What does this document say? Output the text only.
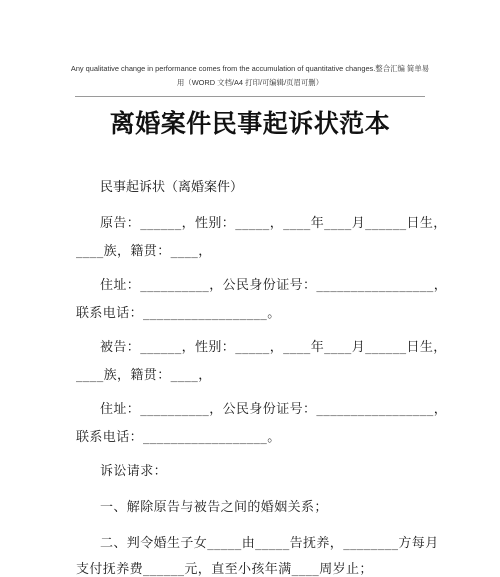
Any qualitative change in performance comes from the accumulation of quantitative changes.整合汇编 简单易
用（WORD 文档/A4 打印/可编辑/页眉可删）
离婚案件民事起诉状范本
民事起诉状（离婚案件）
原告：______，性别：_____，____年____月______日生，
____族，籍贯：____，
住址：__________，公民身份证号：_________________，
联系电话：__________________。
被告：______，性别：_____，____年____月______日生，
____族，籍贯：____，
住址：__________，公民身份证号：_________________，
联系电话：__________________。
诉讼请求：
一、解除原告与被告之间的婚姻关系；
二、判令婚生子女_____由_____告抚养，________方每月
支付抚养费______元，直至小孩年满____周岁止；
